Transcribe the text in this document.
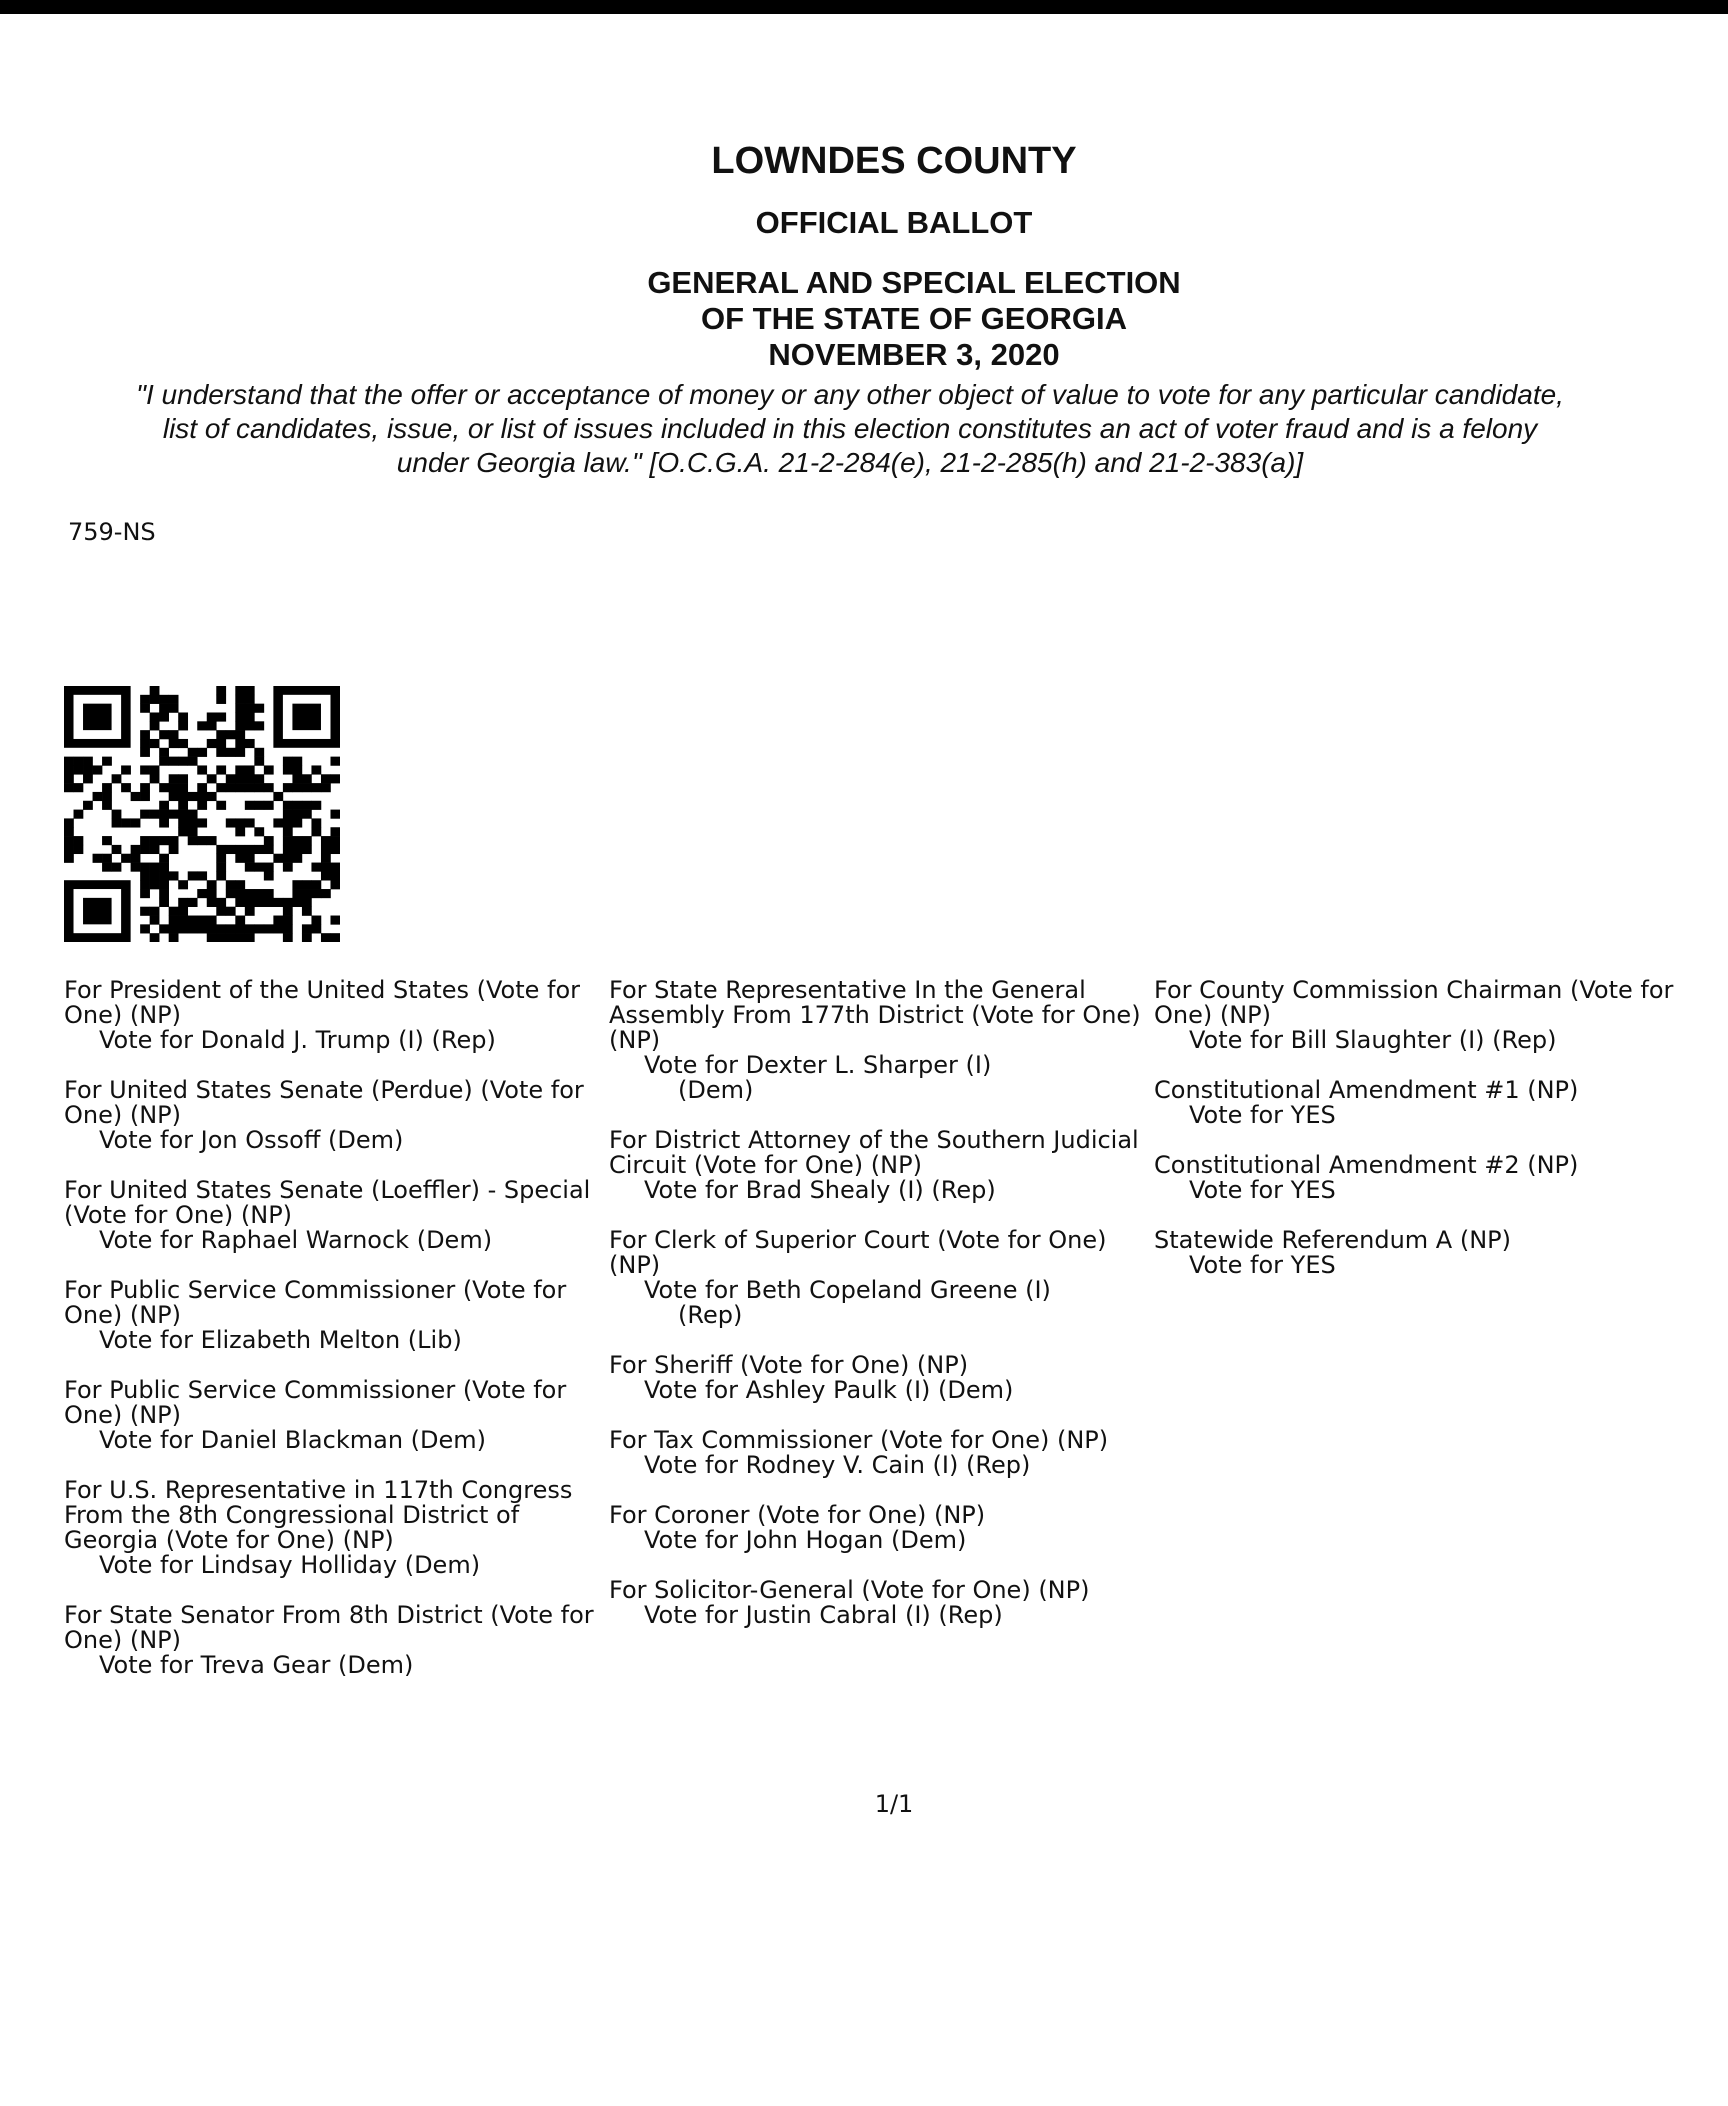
LOWNDES COUNTY
OFFICIAL BALLOT
GENERAL AND SPECIAL ELECTION
OF THE STATE OF GEORGIA
NOVEMBER 3, 2020
"I understand that the offer or acceptance of money or any other object of value to vote for any particular candidate,
list of candidates, issue, or list of issues included in this election constitutes an act of voter fraud and is a felony
under Georgia law." [O.C.G.A. 21-2-284(e), 21-2-285(h) and 21-2-383(a)]
759-NS
For President of the United States (Vote for One) (NP)
Vote for Donald J. Trump (I) (Rep)
For United States Senate (Perdue) (Vote for One) (NP)
Vote for Jon Ossoff (Dem)
For United States Senate (Loeffler) - Special (Vote for One) (NP)
Vote for Raphael Warnock (Dem)
For Public Service Commissioner (Vote for One) (NP)
Vote for Elizabeth Melton (Lib)
For Public Service Commissioner (Vote for One) (NP)
Vote for Daniel Blackman (Dem)
For U.S. Representative in 117th Congress From the 8th Congressional District of Georgia (Vote for One) (NP)
Vote for Lindsay Holliday (Dem)
For State Senator From 8th District (Vote for One) (NP)
Vote for Treva Gear (Dem)
For State Representative In the General Assembly From 177th District (Vote for One) (NP)
Vote for Dexter L. Sharper (I)
(Dem)
For District Attorney of the Southern Judicial Circuit (Vote for One) (NP)
Vote for Brad Shealy (I) (Rep)
For Clerk of Superior Court (Vote for One) (NP)
Vote for Beth Copeland Greene (I)
(Rep)
For Sheriff (Vote for One) (NP)
Vote for Ashley Paulk (I) (Dem)
For Tax Commissioner (Vote for One) (NP)
Vote for Rodney V. Cain (I) (Rep)
For Coroner (Vote for One) (NP)
Vote for John Hogan (Dem)
For Solicitor-General (Vote for One) (NP)
Vote for Justin Cabral (I) (Rep)
For County Commission Chairman (Vote for One) (NP)
Vote for Bill Slaughter (I) (Rep)
Constitutional Amendment #1 (NP)
Vote for YES
Constitutional Amendment #2 (NP)
Vote for YES
Statewide Referendum A (NP)
Vote for YES
1/1
